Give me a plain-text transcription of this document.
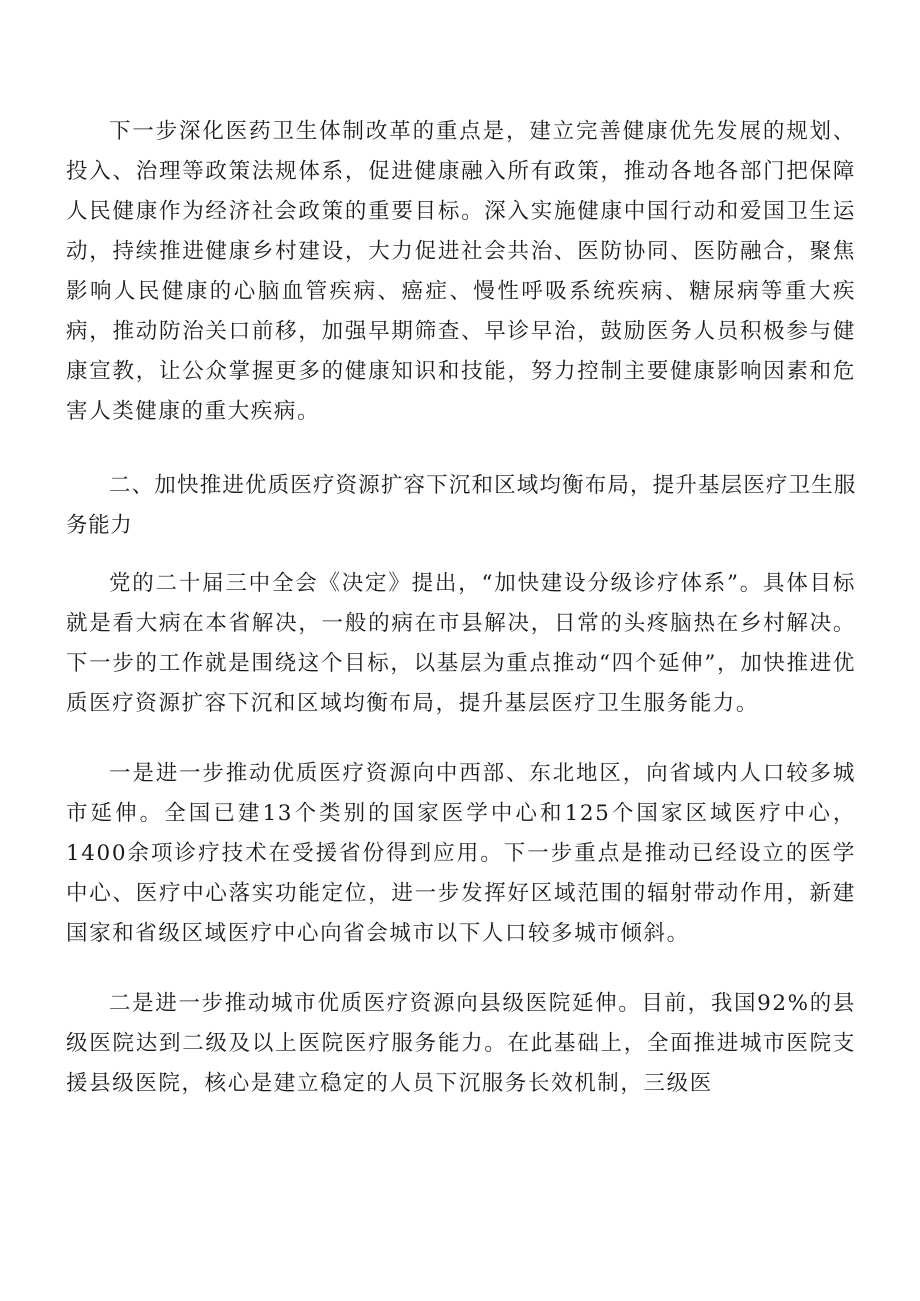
下一步深化医药卫生体制改革的重点是，建立完善健康优先发展的规划、投入、治理等政策法规体系，促进健康融入所有政策，推动各地各部门把保障人民健康作为经济社会政策的重要目标。深入实施健康中国行动和爱国卫生运动，持续推进健康乡村建设，大力促进社会共治、医防协同、医防融合，聚焦影响人民健康的心脑血管疾病、癌症、慢性呼吸系统疾病、糖尿病等重大疾病，推动防治关口前移，加强早期筛查、早诊早治，鼓励医务人员积极参与健康宣教，让公众掌握更多的健康知识和技能，努力控制主要健康影响因素和危害人类健康的重大疾病。

二、加快推进优质医疗资源扩容下沉和区域均衡布局，提升基层医疗卫生服务能力

党的二十届三中全会《决定》提出，“加快建设分级诊疗体系”。具体目标就是看大病在本省解决，一般的病在市县解决，日常的头疼脑热在乡村解决。下一步的工作就是围绕这个目标，以基层为重点推动“四个延伸”，加快推进优质医疗资源扩容下沉和区域均衡布局，提升基层医疗卫生服务能力。

一是进一步推动优质医疗资源向中西部、东北地区，向省域内人口较多城市延伸。全国已建13个类别的国家医学中心和125个国家区域医疗中心，1400余项诊疗技术在受援省份得到应用。下一步重点是推动已经设立的医学中心、医疗中心落实功能定位，进一步发挥好区域范围的辐射带动作用，新建国家和省级区域医疗中心向省会城市以下人口较多城市倾斜。

二是进一步推动城市优质医疗资源向县级医院延伸。目前，我国92%的县级医院达到二级及以上医院医疗服务能力。在此基础上，全面推进城市医院支援县级医院，核心是建立稳定的人员下沉服务长效机制，三级医
